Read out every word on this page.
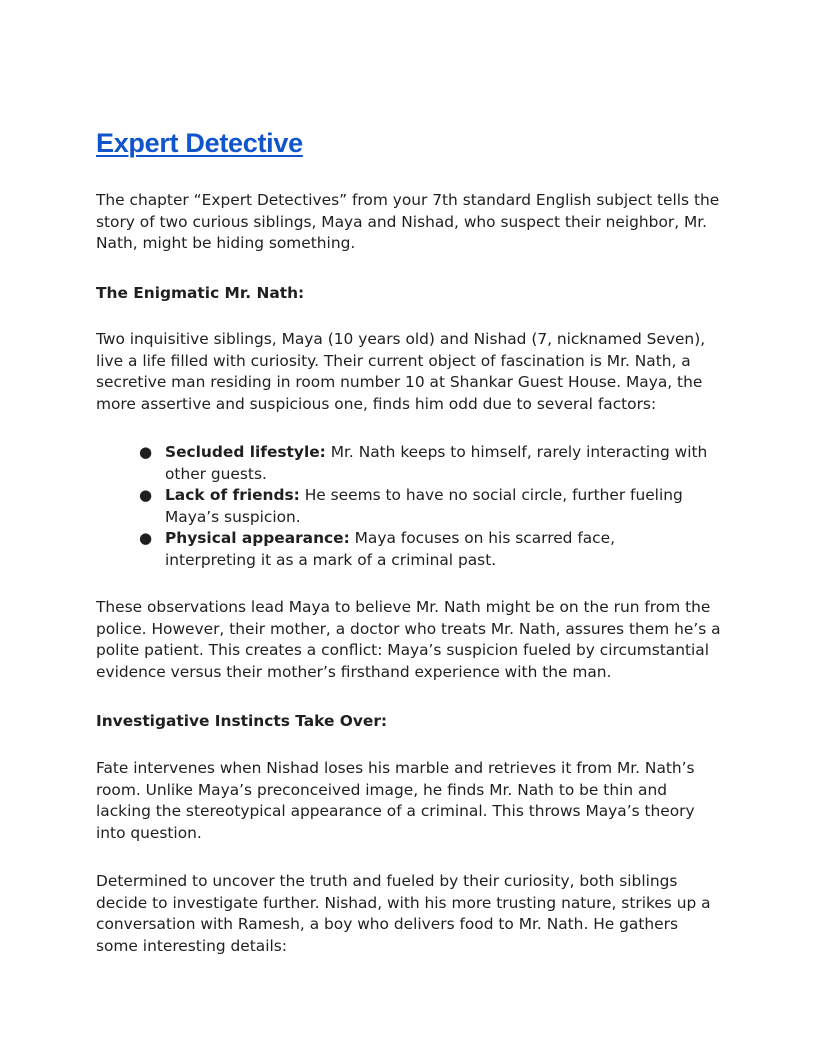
Expert Detective

The chapter “Expert Detectives” from your 7th standard English subject tells the story of two curious siblings, Maya and Nishad, who suspect their neighbor, Mr. Nath, might be hiding something.

The Enigmatic Mr. Nath:

Two inquisitive siblings, Maya (10 years old) and Nishad (7, nicknamed Seven), live a life filled with curiosity. Their current object of fascination is Mr. Nath, a secretive man residing in room number 10 at Shankar Guest House. Maya, the more assertive and suspicious one, finds him odd due to several factors:

● Secluded lifestyle: Mr. Nath keeps to himself, rarely interacting with other guests.
● Lack of friends: He seems to have no social circle, further fueling Maya’s suspicion.
● Physical appearance: Maya focuses on his scarred face, interpreting it as a mark of a criminal past.

These observations lead Maya to believe Mr. Nath might be on the run from the police. However, their mother, a doctor who treats Mr. Nath, assures them he’s a polite patient. This creates a conflict: Maya’s suspicion fueled by circumstantial evidence versus their mother’s firsthand experience with the man.

Investigative Instincts Take Over:

Fate intervenes when Nishad loses his marble and retrieves it from Mr. Nath’s room. Unlike Maya’s preconceived image, he finds Mr. Nath to be thin and lacking the stereotypical appearance of a criminal. This throws Maya’s theory into question.

Determined to uncover the truth and fueled by their curiosity, both siblings decide to investigate further. Nishad, with his more trusting nature, strikes up a conversation with Ramesh, a boy who delivers food to Mr. Nath. He gathers some interesting details:
